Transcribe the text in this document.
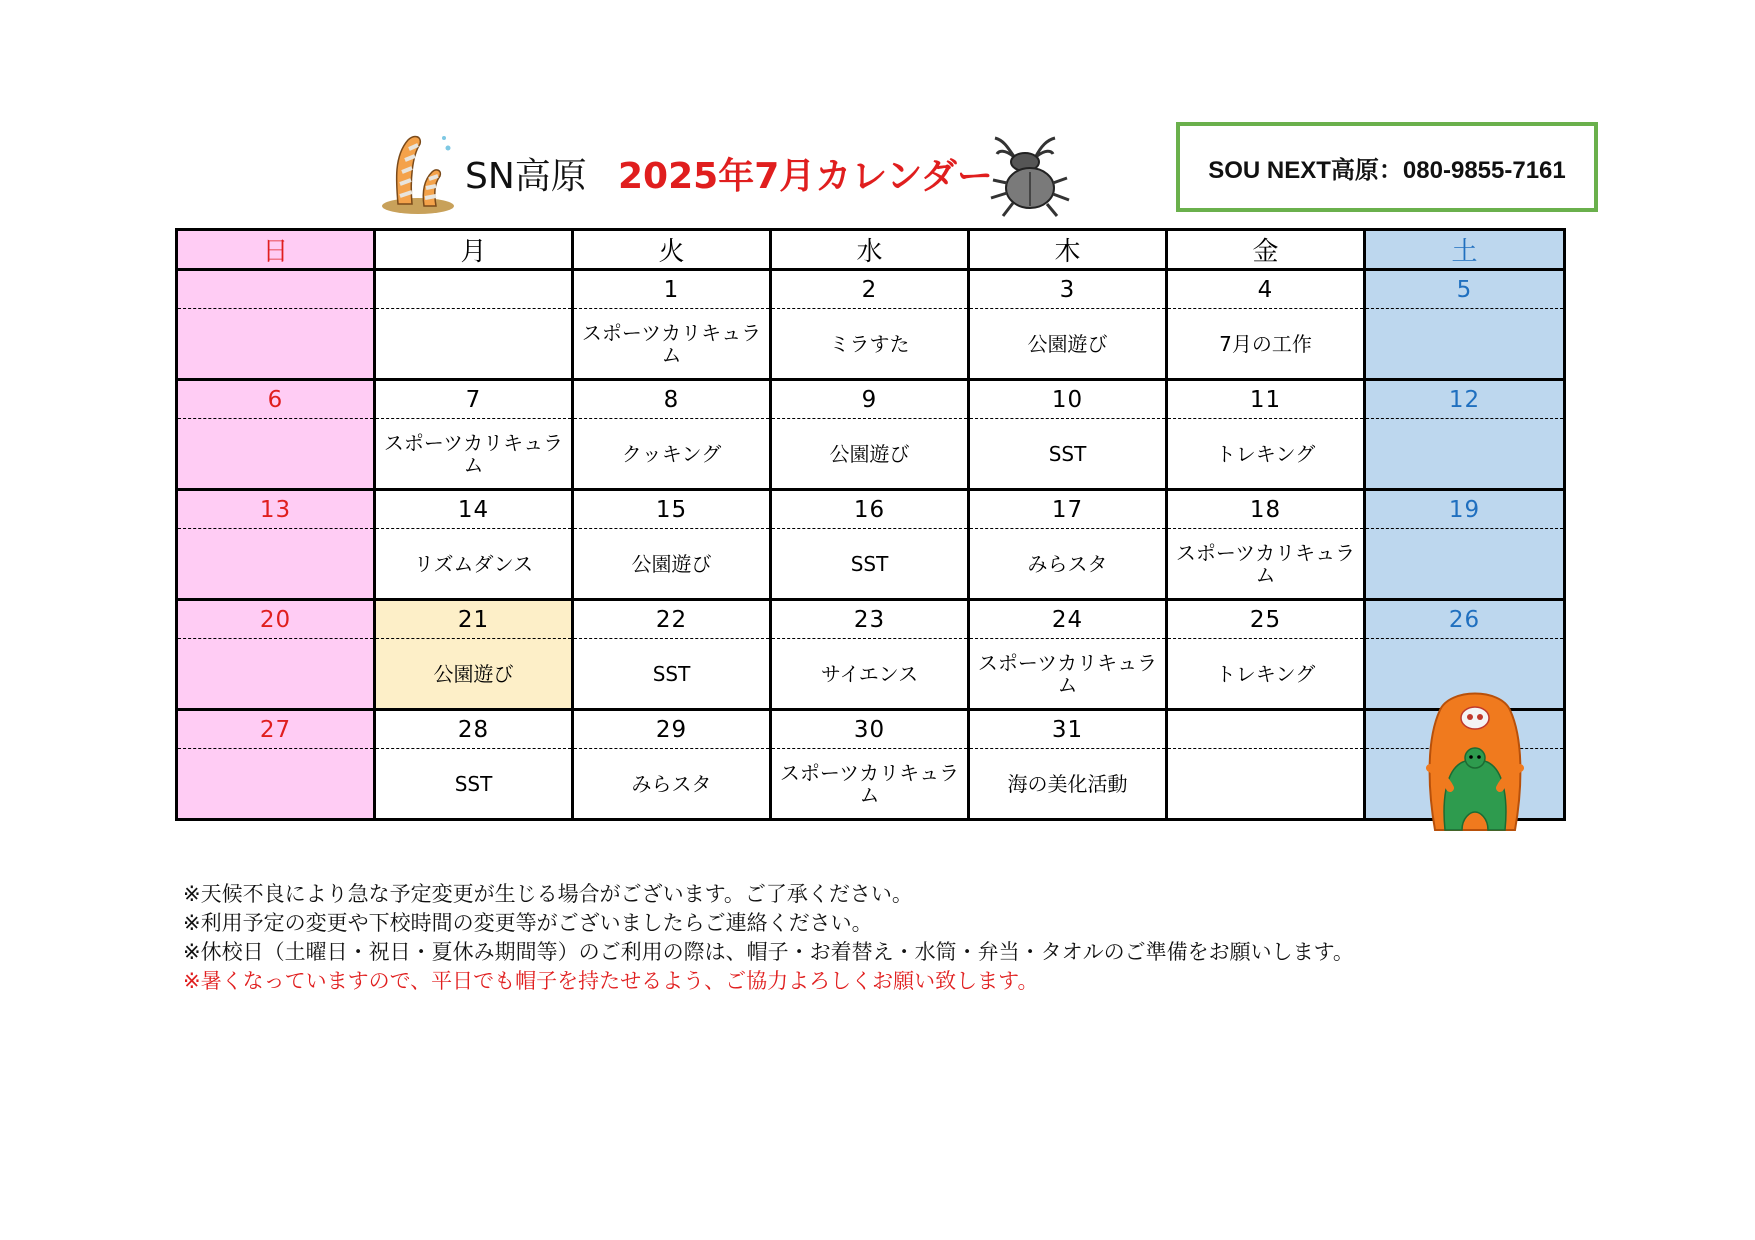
SN高原 2025年7月カレンダー	SOU NEXT高原：080-9855-7161
日	月	火	水	木	金	土
		1	2	3	4	5
		スポーツカリキュラム	ミラすた	公園遊び	7月の工作	
6	7	8	9	10	11	12
	スポーツカリキュラム	クッキング	公園遊び	SST	トレキング	
13	14	15	16	17	18	19
	リズムダンス	公園遊び	SST	みらスタ	スポーツカリキュラム	
20	21	22	23	24	25	26
	公園遊び	SST	サイエンス	スポーツカリキュラム	トレキング	
27	28	29	30	31		
	SST	みらスタ	スポーツカリキュラム	海の美化活動		
※天候不良により急な予定変更が生じる場合がございます。ご了承ください。
※利用予定の変更や下校時間の変更等がございましたらご連絡ください。
※休校日（土曜日・祝日・夏休み期間等）のご利用の際は、帽子・お着替え・水筒・弁当・タオルのご準備をお願いします。
※暑くなっていますので、平日でも帽子を持たせるよう、ご協力よろしくお願い致します。
